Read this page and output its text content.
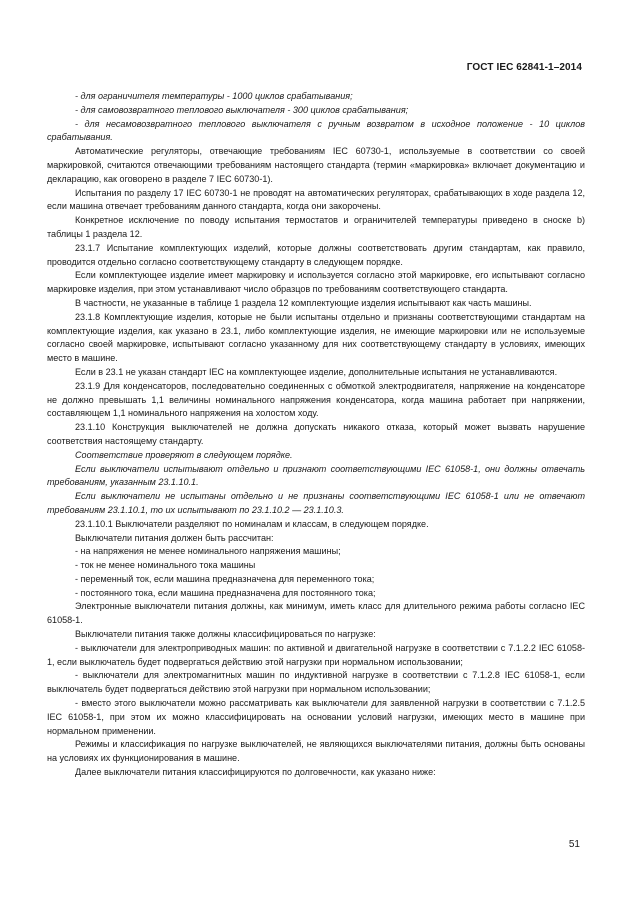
ГОСТ IEC 62841-1–2014

- для ограничителя температуры - 1000 циклов срабатывания;

- для самовозвратного теплового выключателя - 300 циклов срабатывания;

- для несамовозвратного теплового выключателя с ручным возвратом в исходное положение - 10 циклов срабатывания.

Автоматические регуляторы, отвечающие требованиям IEC 60730-1, используемые в соответствии со своей маркировкой, считаются отвечающими требованиям настоящего стандарта (термин «маркировка» включает документацию и декларацию, как оговорено в разделе 7 IEC 60730-1).

Испытания по разделу 17 IEC 60730-1 не проводят на автоматических регуляторах, срабатывающих в ходе раздела 12, если машина отвечает требованиям данного стандарта, когда они закорочены.

Конкретное исключение по поводу испытания термостатов и ограничителей температуры приведено в сноске b) таблицы 1 раздела 12.

23.1.7 Испытание комплектующих изделий, которые должны соответствовать другим стандартам, как правило, проводится отдельно согласно соответствующему стандарту в следующем порядке.

Если комплектующее изделие имеет маркировку и используется согласно этой маркировке, его испытывают согласно маркировке изделия, при этом устанавливают число образцов по требованиям соответствующего стандарта.

В частности, не указанные в таблице 1 раздела 12 комплектующие изделия испытывают как часть машины.

23.1.8 Комплектующие изделия, которые не были испытаны отдельно и признаны соответствующими стандартам на комплектующие изделия, как указано в 23.1, либо комплектующие изделия, не имеющие маркировки или не используемые согласно своей маркировке, испытывают согласно указанному для них соответствующему стандарту в условиях, имеющих место в машине.

Если в 23.1 не указан стандарт IEC на комплектующее изделие, дополнительные испытания не устанавливаются.

23.1.9 Для конденсаторов, последовательно соединенных с обмоткой электродвигателя, напряжение на конденсаторе не должно превышать 1,1 величины номинального напряжения конденсатора, когда машина работает при напряжении, составляющем 1,1 номинального напряжения на холостом ходу.

23.1.10 Конструкция выключателей не должна допускать никакого отказа, который может вызвать нарушение соответствия настоящему стандарту.

Соответствие проверяют в следующем порядке.

Если выключатели испытывают отдельно и признают соответствующими IEC 61058-1, они должны отвечать требованиям, указанным 23.1.10.1.

Если выключатели не испытаны отдельно и не признаны соответствующими IEC 61058-1 или не отвечают требованиям 23.1.10.1, то их испытывают по 23.1.10.2 — 23.1.10.3.

23.1.10.1 Выключатели разделяют по номиналам и классам, в следующем порядке.

Выключатели питания должен быть рассчитан:

- на напряжения не менее номинального напряжения машины;

- ток не менее номинального тока машины

- переменный ток, если машина предназначена для переменного тока;

- постоянного тока, если машина предназначена для постоянного тока;

Электронные выключатели питания должны, как минимум, иметь класс для длительного режима работы согласно IEC 61058-1.

Выключатели питания также должны классифицироваться по нагрузке:

- выключатели для электроприводных машин: по активной и двигательной нагрузке в соответствии с 7.1.2.2 IEC 61058-1, если выключатель будет подвергаться действию этой нагрузки при нормальном использовании;

- выключатели для электромагнитных машин по индуктивной нагрузке в соответствии с 7.1.2.8 IEC 61058-1, если выключатель будет подвергаться действию этой нагрузки при нормальном использовании;

- вместо этого выключатели можно рассматривать как выключатели для заявленной нагрузки в соответствии с 7.1.2.5 IEC 61058-1, при этом их можно классифицировать на основании условий нагрузки, имеющих место в машине при нормальном применении.

Режимы и классификация по нагрузке выключателей, не являющихся выключателями питания, должны быть основаны на условиях их функционирования в машине.

Далее выключатели питания классифицируются по долговечности, как указано ниже:

51
